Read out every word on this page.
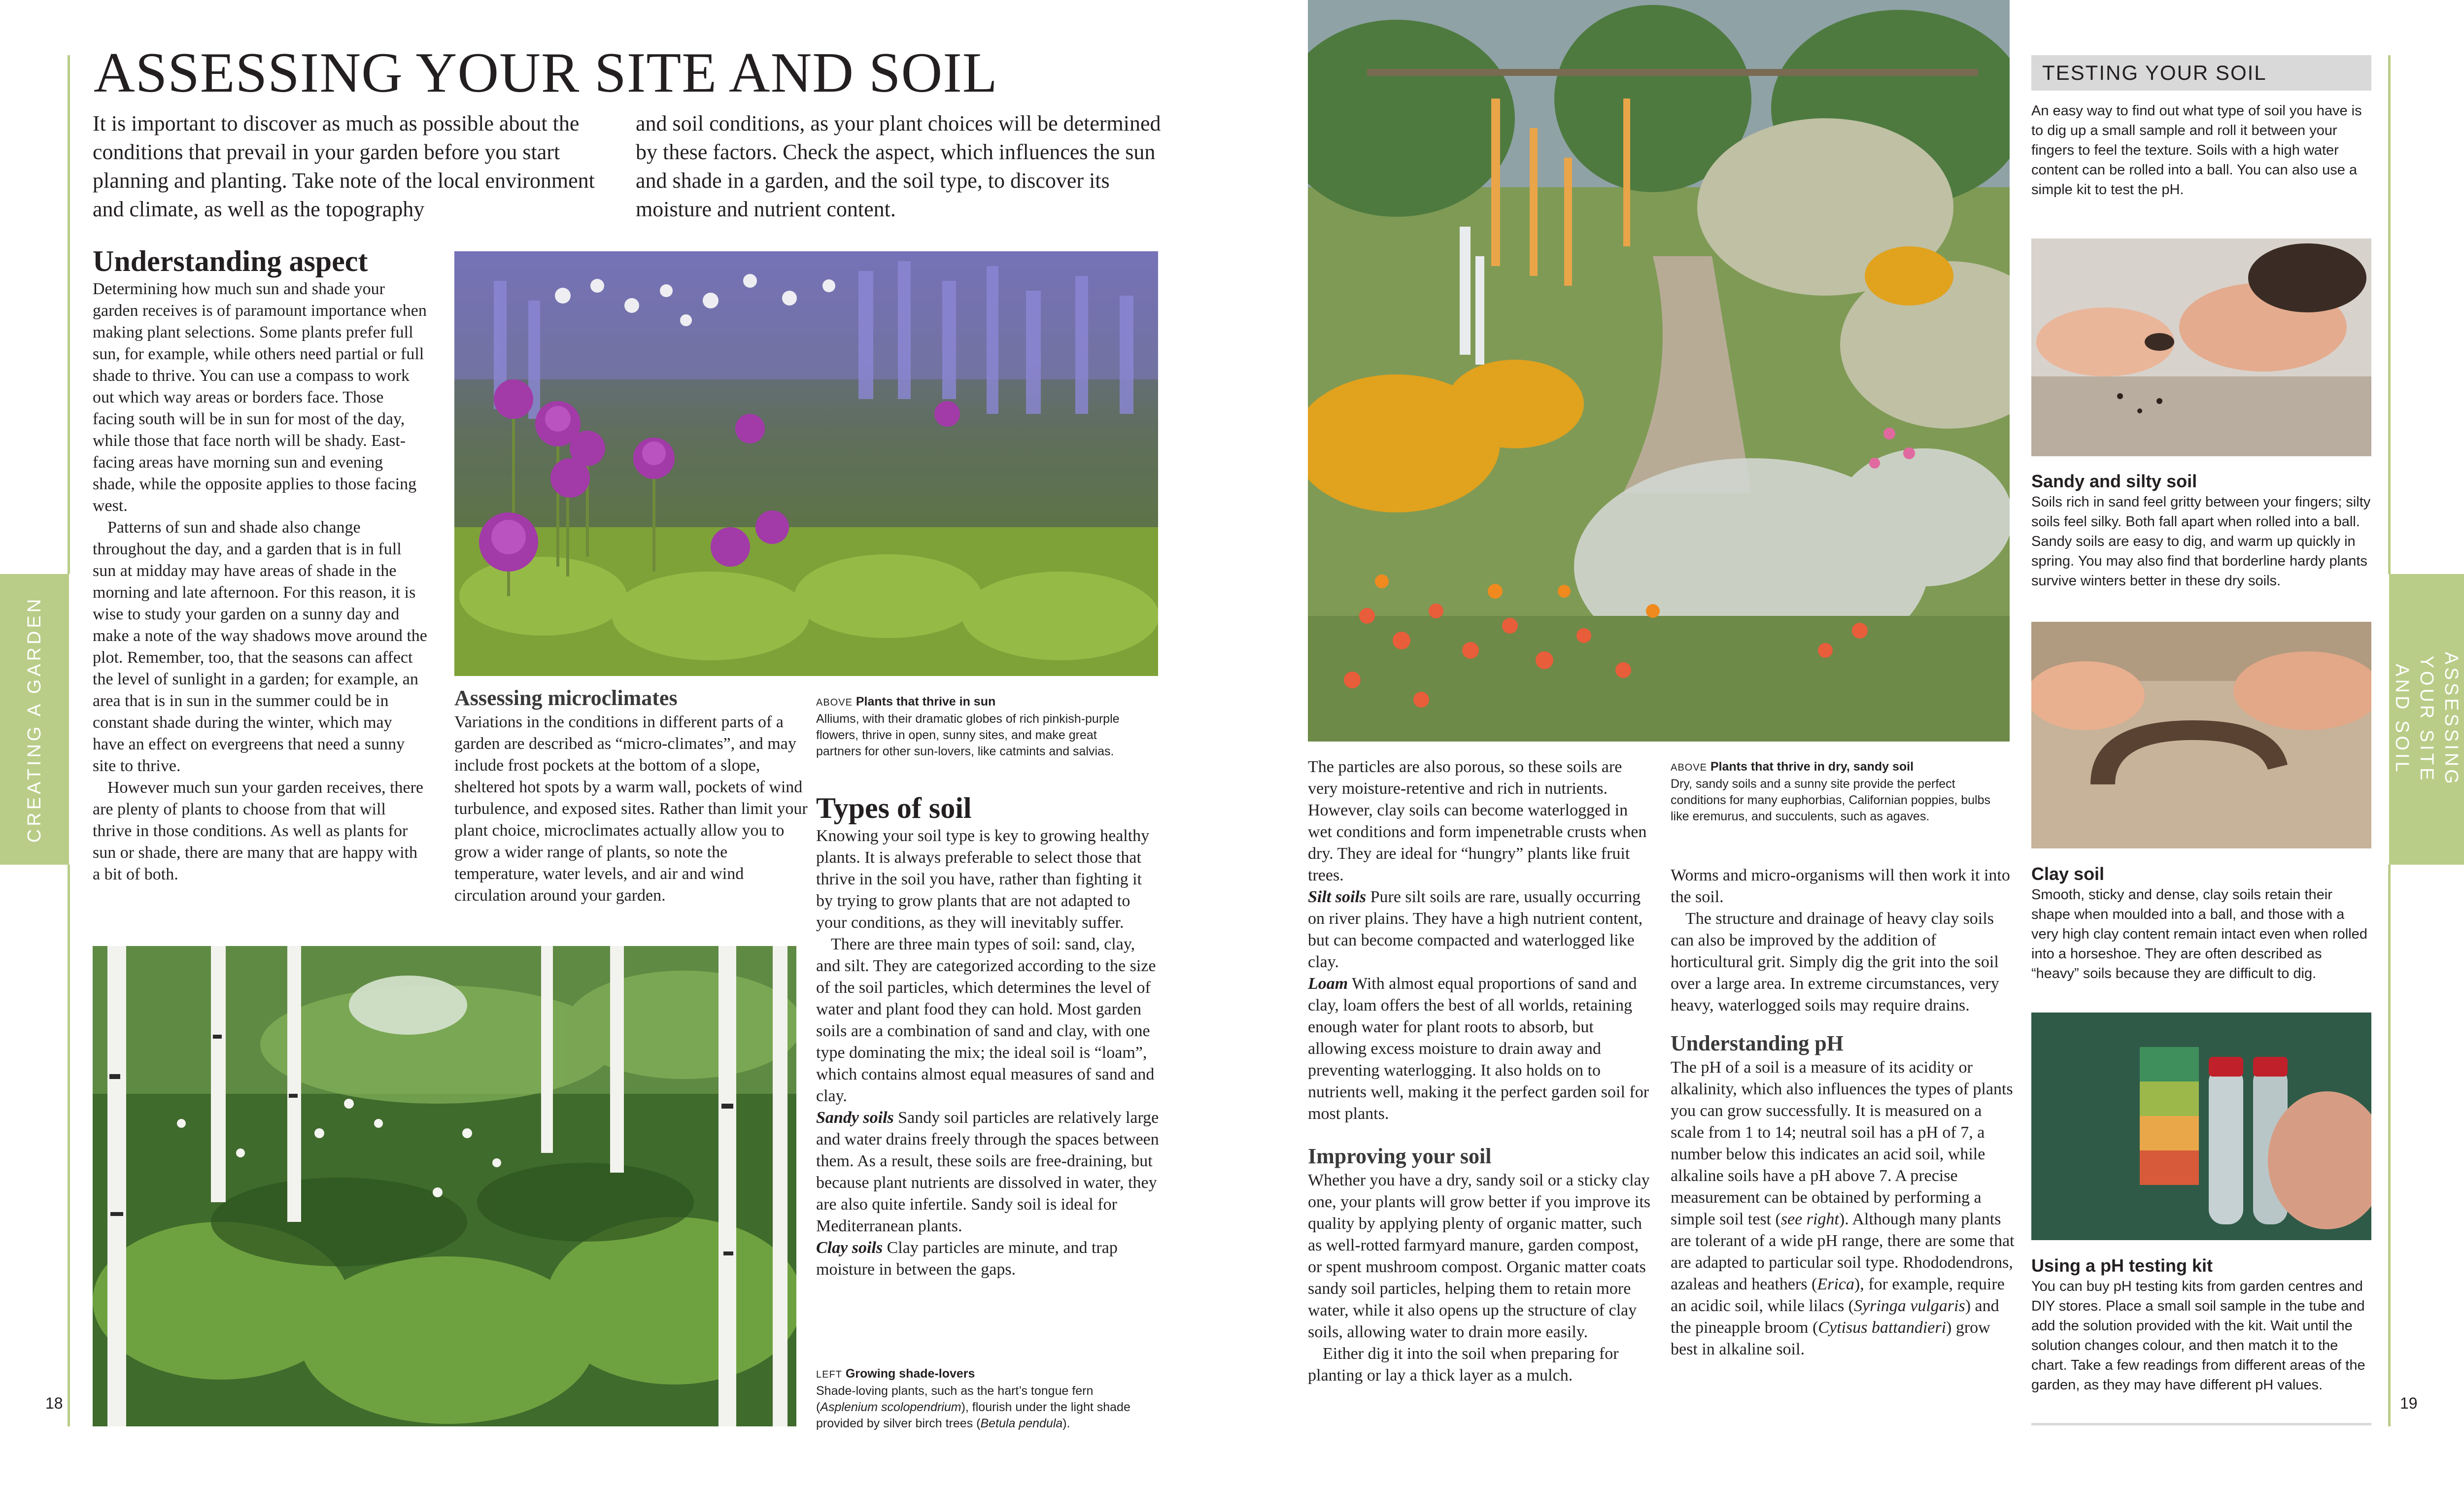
ASSESSING YOUR SITE AND SOIL
It is important to discover as much as possible about the conditions that prevail in your garden before you start planning and planting. Take note of the local environment and climate, as well as the topography
and soil conditions, as your plant choices will be determined by these factors. Check the aspect, which influences the sun and shade in a garden, and the soil type, to discover its moisture and nutrient content.
Understanding aspect

Determining how much sun and shade your garden receives is of paramount importance when making plant selections. Some plants prefer full sun, for example, while others need partial or full shade to thrive. You can use a compass to work out which way areas or borders face. Those facing south will be in sun for most of the day, while those that face north will be shady. East-facing areas have morning sun and evening shade, while the opposite applies to those facing west.

Patterns of sun and shade also change throughout the day, and a garden that is in full sun at midday may have areas of shade in the morning and late afternoon. For this reason, it is wise to study your garden on a sunny day and make a note of the way shadows move around the plot. Remember, too, that the seasons can affect the level of sunlight in a garden; for example, an area that is in sun in the summer could be in constant shade during the winter, which may have an effect on evergreens that need a sunny site to thrive.

However much sun your garden receives, there are plenty of plants to choose from that will thrive in those conditions. As well as plants for sun or shade, there are many that are happy with a bit of both.

Assessing microclimates
Variations in the conditions in different parts of a garden are described as “micro-climates”, and may include frost pockets at the bottom of a slope, sheltered hot spots by a warm wall, pockets of wind turbulence, and exposed sites. Rather than limit your plant choice, microclimates actually allow you to grow a wider range of plants, so note the temperature, water levels, and air and wind circulation around your garden.
ABOVE Plants that thrive in sun
Alliums, with their dramatic globes of rich pinkish-purple flowers, thrive in open, sunny sites, and make great partners for other sun-lovers, like catmints and salvias.
Types of soil

Knowing your soil type is key to growing healthy plants. It is always preferable to select those that thrive in the soil you have, rather than fighting it by trying to grow plants that are not adapted to your conditions, as they will inevitably suffer.

There are three main types of soil: sand, clay, and silt. They are categorized according to the size of the soil particles, which determines the level of water and plant food they can hold. Most garden soils are a combination of sand and clay, with one type dominating the mix; the ideal soil is “loam”, which contains almost equal measures of sand and clay.

Sandy soils Sandy soil particles are relatively large and water drains freely through the spaces between them. As a result, these soils are free-draining, but because plant nutrients are dissolved in water, they are also quite infertile. Sandy soil is ideal for Mediterranean plants.

Clay soils Clay particles are minute, and trap moisture in between the gaps.

LEFT Growing shade-lovers
Shade-loving plants, such as the hart’s tongue fern (Asplenium scolopendrium), flourish under the light shade provided by silver birch trees (Betula pendula).
CREATING A GARDEN
18

The particles are also porous, so these soils are very moisture-retentive and rich in nutrients. However, clay soils can become waterlogged in wet conditions and form impenetrable crusts when dry. They are ideal for “hungry” plants like fruit trees.

Silt soils Pure silt soils are rare, usually occurring on river plains. They have a high nutrient content, but can become compacted and waterlogged like clay.

Loam With almost equal proportions of sand and clay, loam offers the best of all worlds, retaining enough water for plant roots to absorb, but allowing excess moisture to drain away and preventing waterlogging. It also holds on to nutrients well, making it the perfect garden soil for most plants.

Improving your soil

Whether you have a dry, sandy soil or a sticky clay one, your plants will grow better if you improve its quality by applying plenty of organic matter, such as well-rotted farmyard manure, garden compost, or spent mushroom compost. Organic matter coats sandy soil particles, helping them to retain more water, while it also opens up the structure of clay soils, allowing water to drain more easily.

Either dig it into the soil when preparing for planting or lay a thick layer as a mulch.

ABOVE Plants that thrive in dry, sandy soil
Dry, sandy soils and a sunny site provide the perfect conditions for many euphorbias, Californian poppies, bulbs like eremurus, and succulents, such as agaves.

Worms and micro-organisms will then work it into the soil.

The structure and drainage of heavy clay soils can also be improved by the addition of horticultural grit. Simply dig the grit into the soil over a large area. In extreme circumstances, very heavy, waterlogged soils may require drains.

Understanding pH
The pH of a soil is a measure of its acidity or alkalinity, which also influences the types of plants you can grow successfully. It is measured on a scale from 1 to 14; neutral soil has a pH of 7, a number below this indicates an acid soil, while alkaline soils have a pH above 7. A precise measurement can be obtained by performing a simple soil test (see right). Although many plants are tolerant of a wide pH range, there are some that are adapted to particular soil type. Rhododendrons, azaleas and heathers (Erica), for example, require an acidic soil, while lilacs (Syringa vulgaris) and the pineapple broom (Cytisus battandieri) grow best in alkaline soil.
TESTING YOUR SOIL
An easy way to find out what type of soil you have is to dig up a small sample and roll it between your fingers to feel the texture. Soils with a high water content can be rolled into a ball. You can also use a simple kit to test the pH.
Sandy and silty soil
Soils rich in sand feel gritty between your fingers; silty soils feel silky. Both fall apart when rolled into a ball. Sandy soils are easy to dig, and warm up quickly in spring. You may also find that borderline hardy plants survive winters better in these dry soils.
Clay soil
Smooth, sticky and dense, clay soils retain their shape when moulded into a ball, and those with a very high clay content remain intact even when rolled into a horseshoe. They are often described as “heavy” soils because they are difficult to dig.
Using a pH testing kit
You can buy pH testing kits from garden centres and DIY stores. Place a small soil sample in the tube and add the solution provided with the kit. Wait until the solution changes colour, and then match it to the chart. Take a few readings from different areas of the garden, as they may have different pH values.
ASSESSING YOUR SITE AND SOIL
19
